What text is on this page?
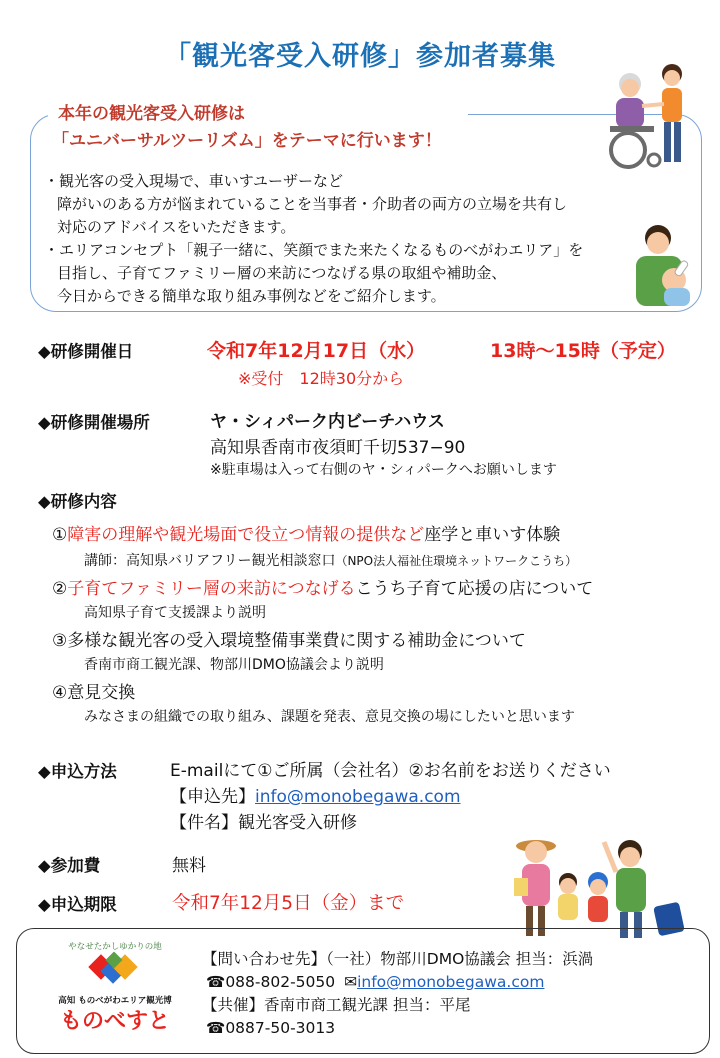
「観光客受入研修」参加者募集
本年の観光客受入研修は
「ユニバーサルツーリズム」をテーマに行います！
・観光客の受入現場で、車いすユーザーなど
障がいのある方が悩まれていることを当事者・介助者の両方の立場を共有し
対応のアドバイスをいただきます。
・エリアコンセプト「親子一緒に、笑顔でまた来たくなるものべがわエリア」を
目指し、子育てファミリー層の来訪につなげる県の取組や補助金、
今日からできる簡単な取り組み事例などをご紹介します。
◆研修開催日	令和7年12月17日（水）	13時～15時（予定）
※受付　12時30分から
◆研修開催場所	ヤ・シィパーク内ビーチハウス
高知県香南市夜須町千切537−90
※駐車場は入って右側のヤ・シィパークへお願いします
◆研修内容
①障害の理解や観光場面で役立つ情報の提供など座学と車いす体験
講師：高知県バリアフリー観光相談窓口（NPO法人福祉住環境ネットワークこうち）
②子育てファミリー層の来訪につなげるこうち子育て応援の店について
高知県子育て支援課より説明
③多様な観光客の受入環境整備事業費に関する補助金について
香南市商工観光課、物部川DMO協議会より説明
④意見交換
みなさまの組織での取り組み、課題を発表、意見交換の場にしたいと思います
◆申込方法	E-mailにて①ご所属（会社名）②お名前をお送りください
【申込先】info@monobegawa.com
【件名】観光客受入研修
◆参加費	無料
◆申込期限	令和7年12月5日（金）まで
やなせたかしゆかりの地
高知 ものべがわエリア観光博
ものべすと
【問い合わせ先】（一社）物部川DMO協議会 担当：浜渦
☎088-802-5050 ✉info@monobegawa.com
【共催】香南市商工観光課 担当：平尾
☎0887-50-3013
